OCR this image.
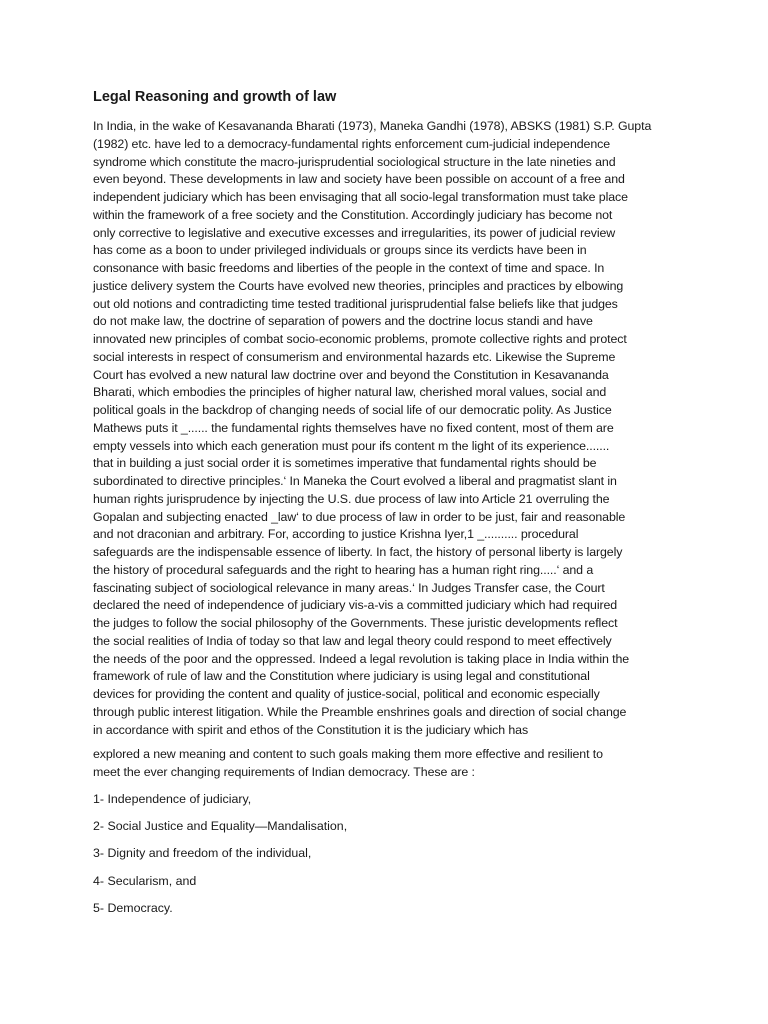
Legal Reasoning and growth of law
In India, in the wake of Kesavananda Bharati (1973), Maneka Gandhi (1978), ABSKS (1981) S.P. Gupta
(1982) etc. have led to a democracy-fundamental rights enforcement cum-judicial independence
syndrome which constitute the macro-jurisprudential sociological structure in the late nineties and
even beyond. These developments in law and society have been possible on account of a free and
independent judiciary which has been envisaging that all socio-legal transformation must take place
within the framework of a free society and the Constitution. Accordingly judiciary has become not
only corrective to legislative and executive excesses and irregularities, its power of judicial review
has come as a boon to under privileged individuals or groups since its verdicts have been in
consonance with basic freedoms and liberties of the people in the context of time and space. In
justice delivery system the Courts have evolved new theories, principles and practices by elbowing
out old notions and contradicting time tested traditional jurisprudential false beliefs like that judges
do not make law, the doctrine of separation of powers and the doctrine locus standi and have
innovated new principles of combat socio-economic problems, promote collective rights and protect
social interests in respect of consumerism and environmental hazards etc. Likewise the Supreme
Court has evolved a new natural law doctrine over and beyond the Constitution in Kesavananda
Bharati, which embodies the principles of higher natural law, cherished moral values, social and
political goals in the backdrop of changing needs of social life of our democratic polity. As Justice
Mathews puts it _...... the fundamental rights themselves have no fixed content, most of them are
empty vessels into which each generation must pour ifs content m the light of its experience.......
that in building a just social order it is sometimes imperative that fundamental rights should be
subordinated to directive principles.‘ In Maneka the Court evolved a liberal and pragmatist slant in
human rights jurisprudence by injecting the U.S. due process of law into Article 21 overruling the
Gopalan and subjecting enacted _law‘ to due process of law in order to be just, fair and reasonable
and not draconian and arbitrary. For, according to justice Krishna Iyer,1 _.......... procedural
safeguards are the indispensable essence of liberty. In fact, the history of personal liberty is largely
the history of procedural safeguards and the right to hearing has a human right ring.....‘ and a
fascinating subject of sociological relevance in many areas.‘ In Judges Transfer case, the Court
declared the need of independence of judiciary vis-a-vis a committed judiciary which had required
the judges to follow the social philosophy of the Governments. These juristic developments reflect
the social realities of India of today so that law and legal theory could respond to meet effectively
the needs of the poor and the oppressed. Indeed a legal revolution is taking place in India within the
framework of rule of law and the Constitution where judiciary is using legal and constitutional
devices for providing the content and quality of justice-social, political and economic especially
through public interest litigation. While the Preamble enshrines goals and direction of social change
in accordance with spirit and ethos of the Constitution it is the judiciary which has
explored a new meaning and content to such goals making them more effective and resilient to
meet the ever changing requirements of Indian democracy. These are :
1- Independence of judiciary,
2- Social Justice and Equality—Mandalisation,
3- Dignity and freedom of the individual,
4- Secularism, and
5- Democracy.
